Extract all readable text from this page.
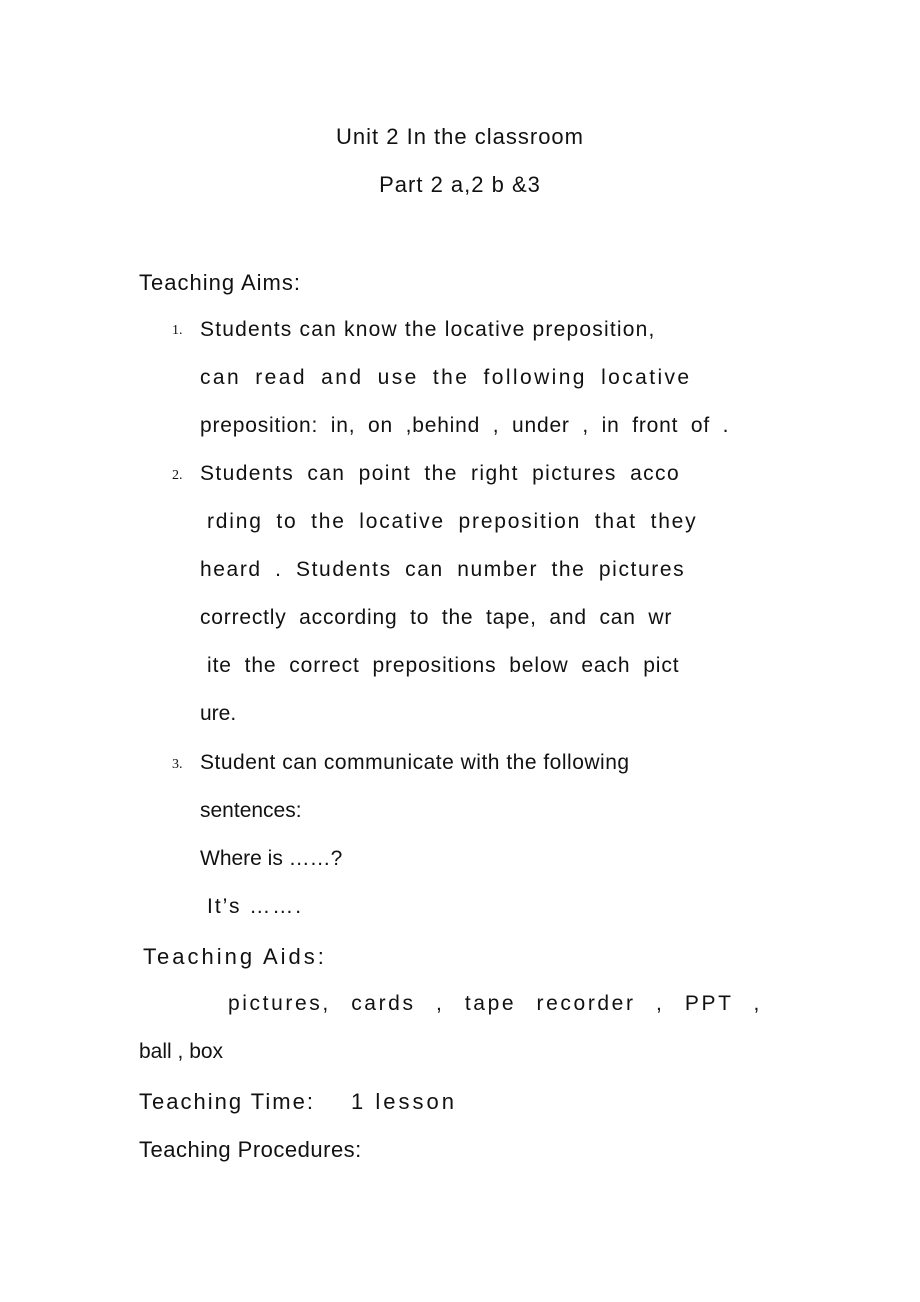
Unit 2 In the classroom
Part 2 a,2 b &3
Teaching Aims:
1. Students can know the locative preposition,
can read and use the following locative
preposition: in, on ,behind , under , in front of .
2. Students can point the right pictures acco
rding to the locative preposition that they
heard . Students can number the pictures
correctly according to the tape, and can wr
ite the correct prepositions below each pict
ure.
3. Student can communicate with the following
sentences:
Where is ……?
It’s …….
Teaching Aids:
pictures, cards , tape recorder , PPT ,
ball , box
Teaching Time: 1 lesson
Teaching Procedures:
